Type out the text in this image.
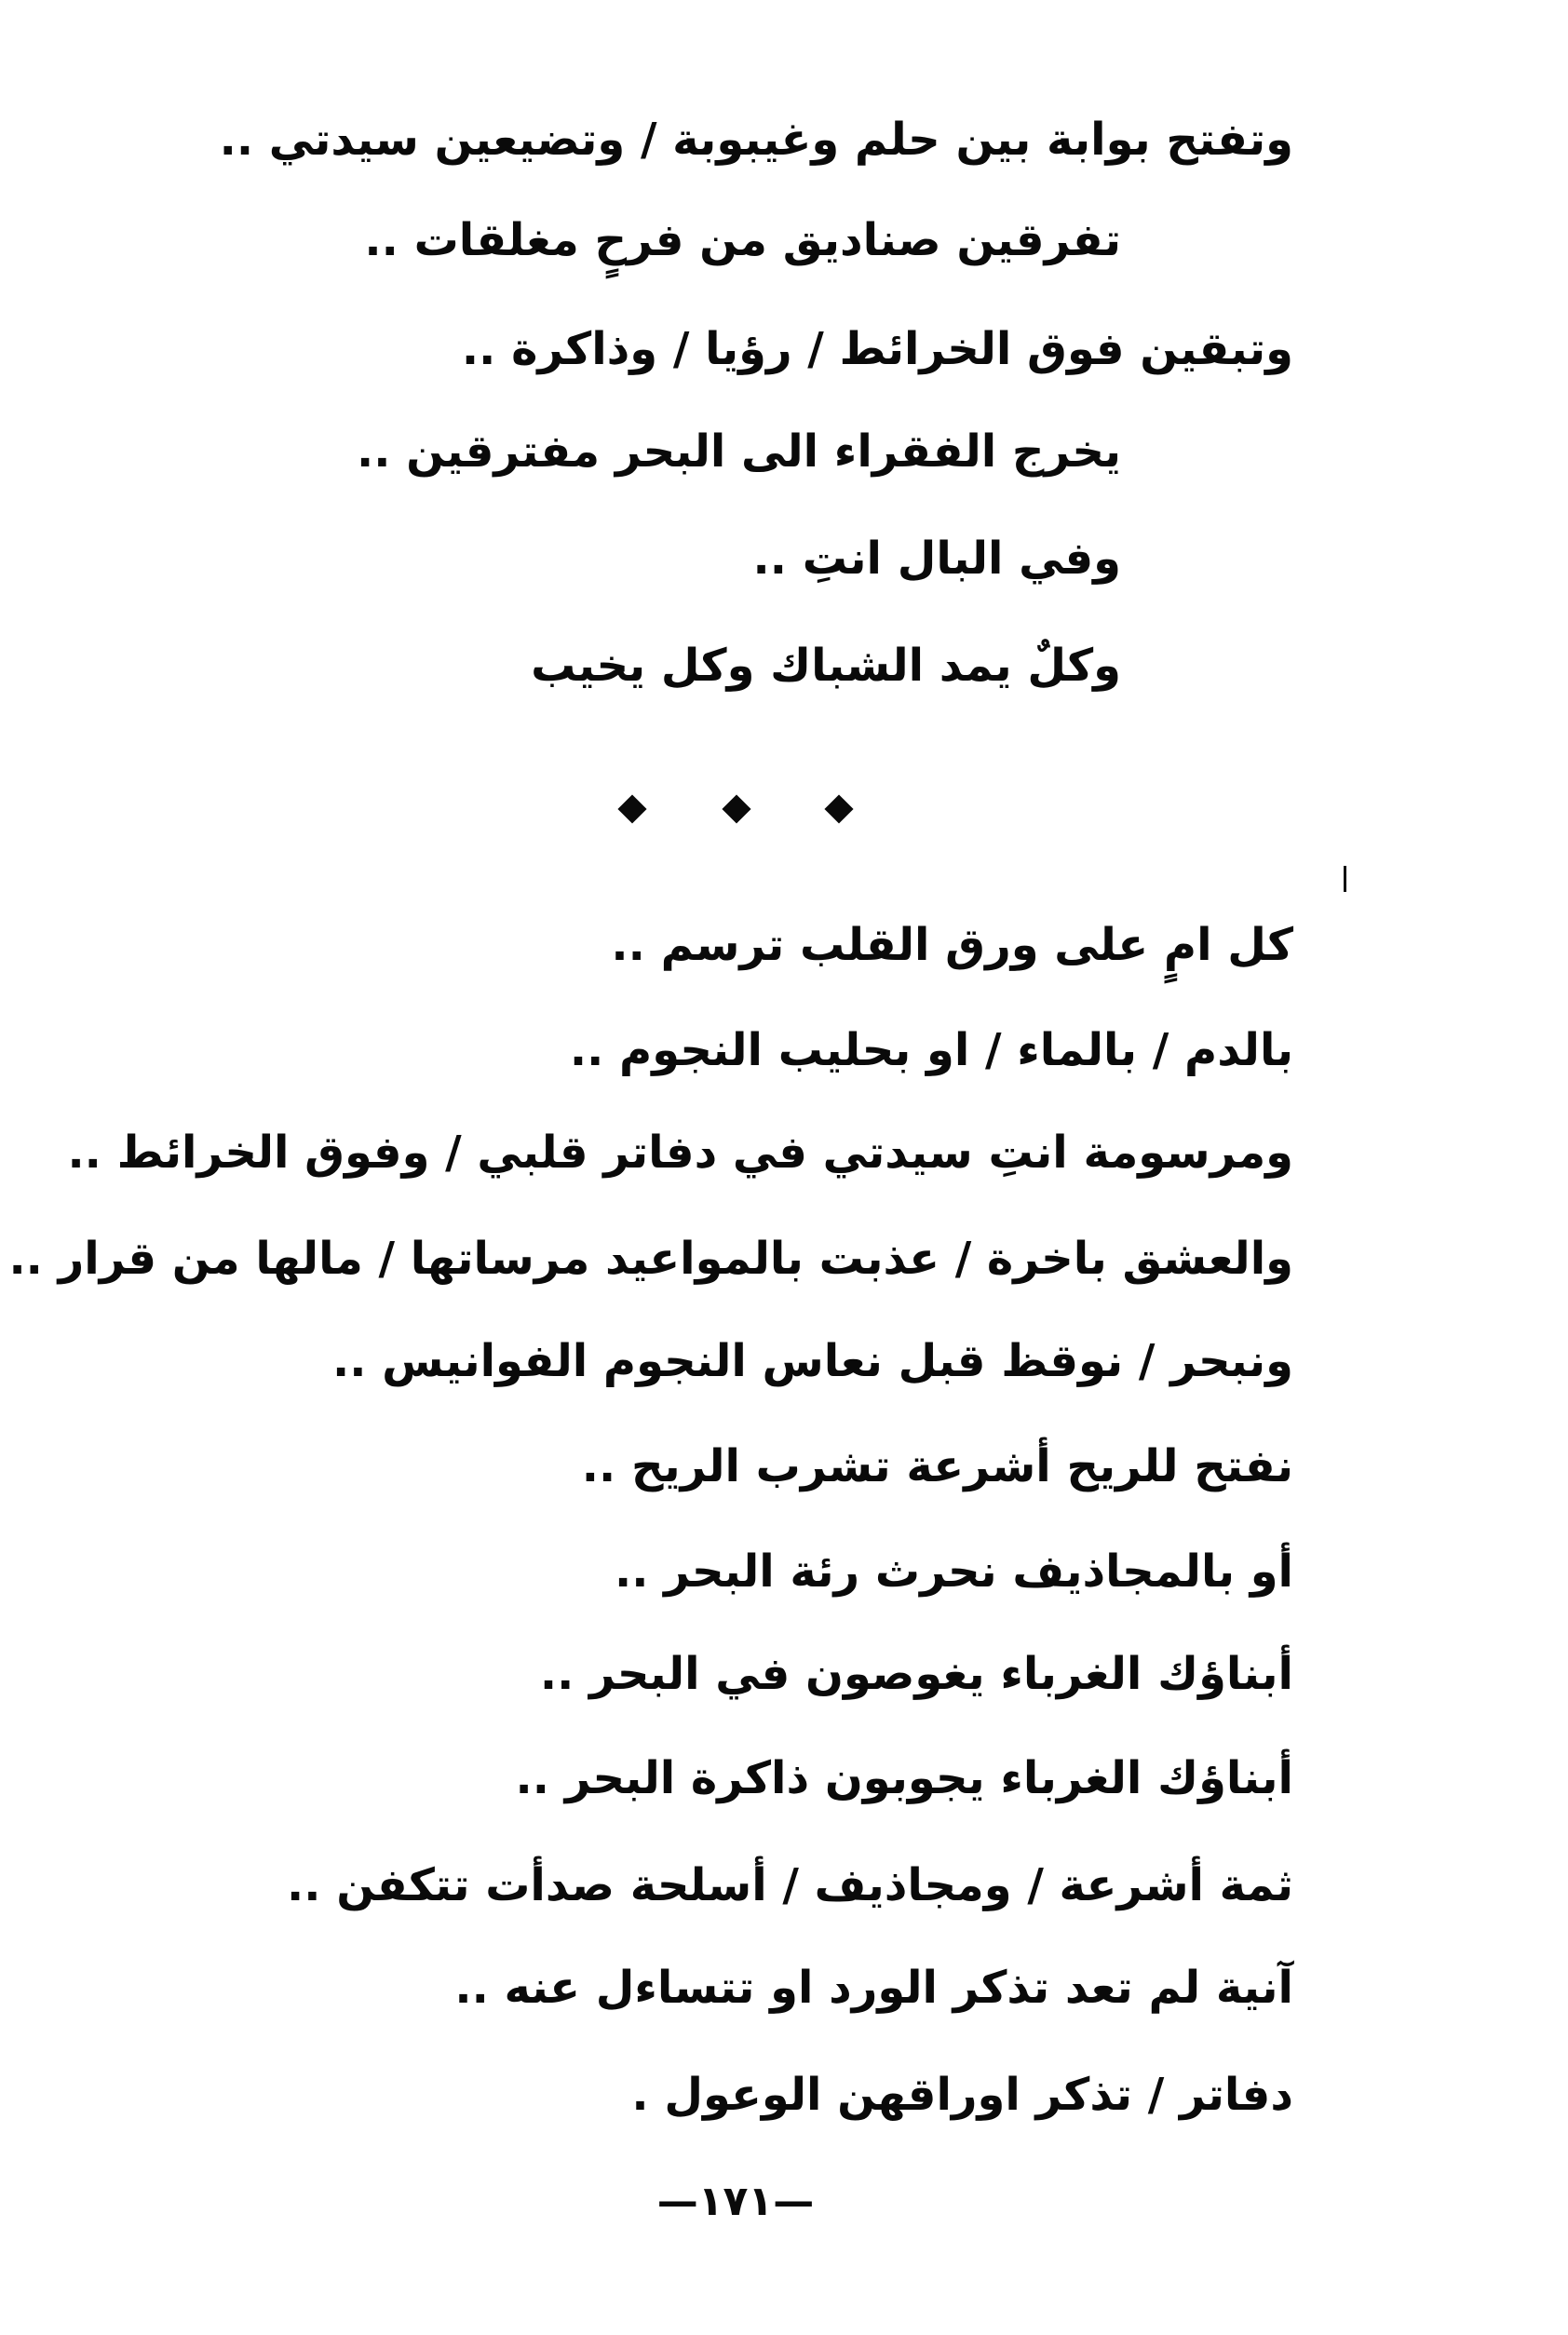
وتفتح بوابة بين حلم وغيبوبة / وتضيعين سيدتي ..
تفرقين صناديق من فرحٍ مغلقات ..
وتبقين فوق الخرائط / رؤيا / وذاكرة ..
يخرج الفقراء الى البحر مفترقين ..
وفي البال انتِ ..
وكلٌ يمد الشباك وكل يخيب
كل امٍ على ورق القلب ترسم ..
بالدم / بالماء / او بحليب النجوم ..
ومرسومة انتِ سيدتي في دفاتر قلبي / وفوق الخرائط ..
والعشق باخرة / عذبت بالمواعيد مرساتها / مالها من قرار ..
ونبحر / نوقظ قبل نعاس النجوم الفوانيس ..
نفتح للريح أشرعة تشرب الريح ..
أو بالمجاذيف نحرث رئة البحر ..
أبناؤك الغرباء يغوصون في البحر ..
أبناؤك الغرباء يجوبون ذاكرة البحر ..
ثمة أشرعة / ومجاذيف / أسلحة صدأت تتكفن ..
آنية لم تعد تذكر الورد او تتساءل عنه ..
دفاتر / تذكر اوراقهن الوعول .
—١٧١—
